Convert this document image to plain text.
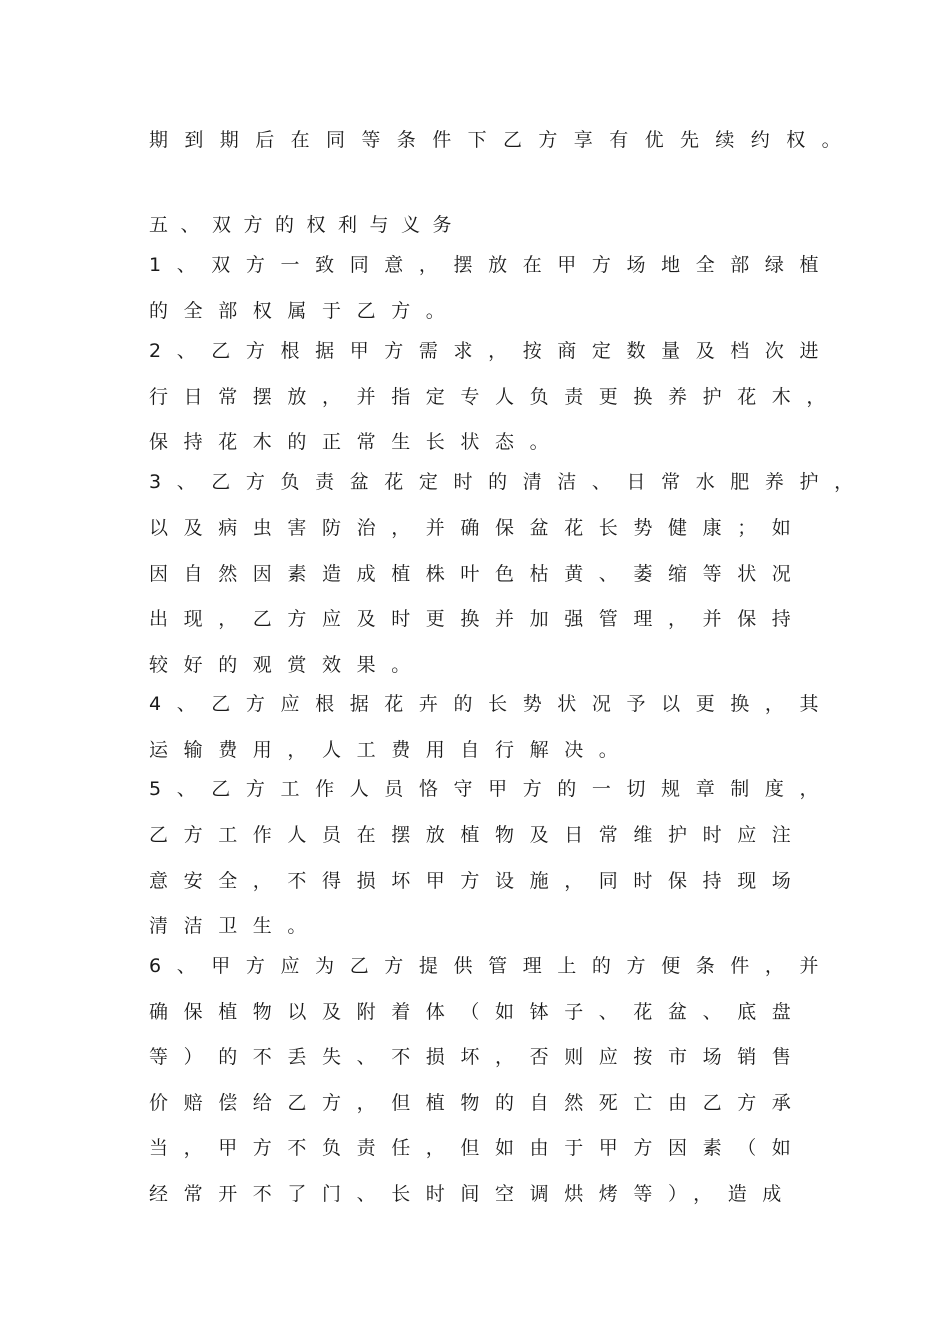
期到期后在同等条件下乙方享有优先续约权。

五、双方的权利与义务

1、双方一致同意，摆放在甲方场地全部绿植

的全部权属于乙方。

2、乙方根据甲方需求，按商定数量及档次进

行日常摆放，并指定专人负责更换养护花木，

保持花木的正常生长状态。

3、乙方负责盆花定时的清洁、日常水肥养护，

以及病虫害防治，并确保盆花长势健康；如

因自然因素造成植株叶色枯黄、萎缩等状况

出现，乙方应及时更换并加强管理，并保持

较好的观赏效果。

4、乙方应根据花卉的长势状况予以更换，其

运输费用，人工费用自行解决。

5、乙方工作人员恪守甲方的一切规章制度，

乙方工作人员在摆放植物及日常维护时应注

意安全，不得损坏甲方设施，同时保持现场

清洁卫生。

6、甲方应为乙方提供管理上的方便条件，并

确保植物以及附着体（如钵子、花盆、底盘

等）的不丢失、不损坏，否则应按市场销售

价赔偿给乙方，但植物的自然死亡由乙方承

当，甲方不负责任，但如由于甲方因素（如

经常开不了门、长时间空调烘烤等），造成
